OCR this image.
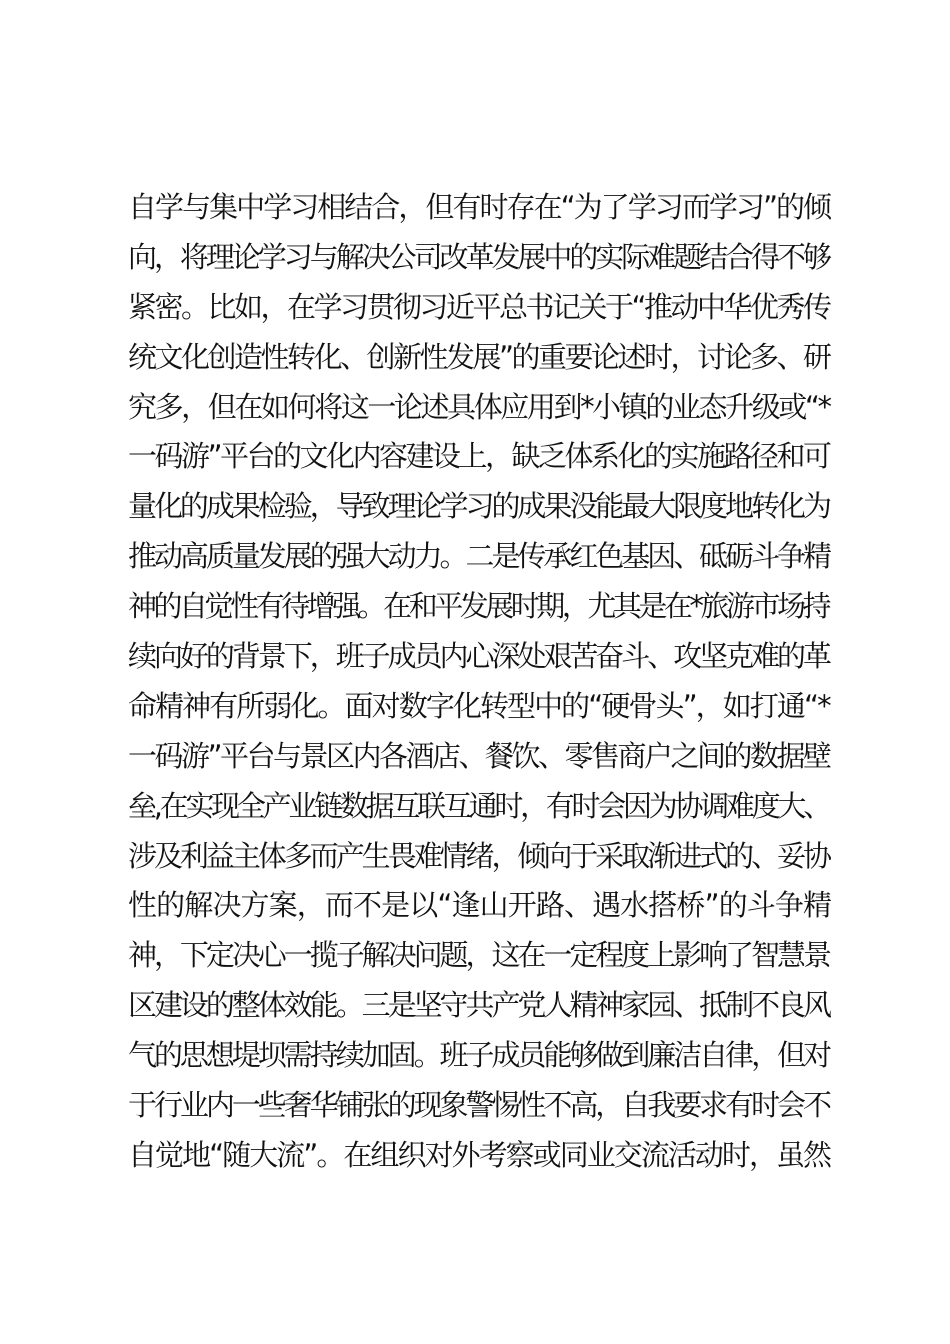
自学与集中学习相结合，但有时存在“为了学习而学习”的倾
向，将理论学习与解决公司改革发展中的实际难题结合得不够
紧密。比如，在学习贯彻习近平总书记关于“推动中华优秀传
统文化创造性转化、创新性发展”的重要论述时，讨论多、研
究多，但在如何将这一论述具体应用到*小镇的业态升级或“*
一码游”平台的文化内容建设上，缺乏体系化的实施路径和可
量化的成果检验，导致理论学习的成果没能最大限度地转化为
推动高质量发展的强大动力。二是传承红色基因、砥砺斗争精
神的自觉性有待增强。在和平发展时期，尤其是在*旅游市场持
续向好的背景下，班子成员内心深处艰苦奋斗、攻坚克难的革
命精神有所弱化。面对数字化转型中的“硬骨头”，如打通“*
一码游”平台与景区内各酒店、餐饮、零售商户之间的数据壁
垒,在实现全产业链数据互联互通时，有时会因为协调难度大、
涉及利益主体多而产生畏难情绪，倾向于采取渐进式的、妥协
性的解决方案，而不是以“逢山开路、遇水搭桥”的斗争精
神，下定决心一揽子解决问题，这在一定程度上影响了智慧景
区建设的整体效能。三是坚守共产党人精神家园、抵制不良风
气的思想堤坝需持续加固。班子成员能够做到廉洁自律，但对
于行业内一些奢华铺张的现象警惕性不高，自我要求有时会不
自觉地“随大流”。在组织对外考察或同业交流活动时，虽然
